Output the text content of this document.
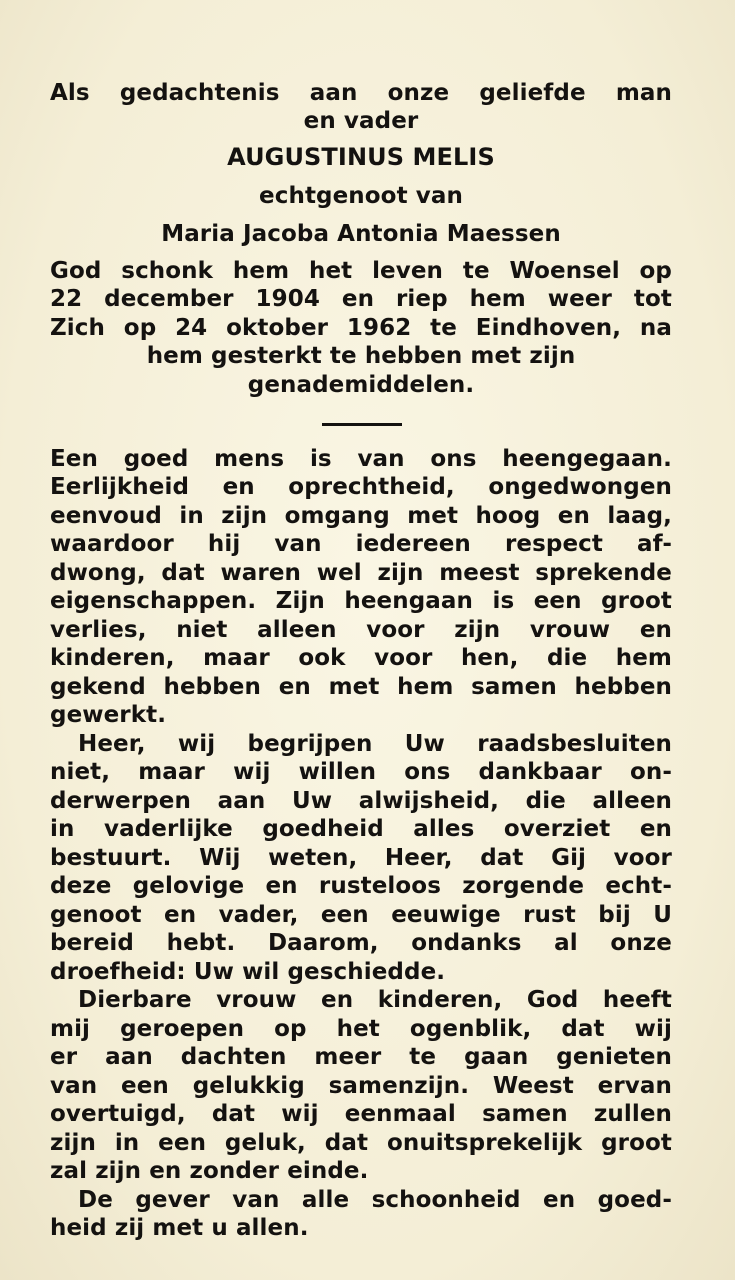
Als gedachtenis aan onze geliefde man
en vader
AUGUSTINUS MELIS
echtgenoot van
Maria Jacoba Antonia Maessen
God schonk hem het leven te Woensel op
22 december 1904 en riep hem weer tot
Zich op 24 oktober 1962 te Eindhoven, na
hem gesterkt te hebben met zijn
genademiddelen.
Een goed mens is van ons heengegaan.
Eerlijkheid en oprechtheid, ongedwongen
eenvoud in zijn omgang met hoog en laag,
waardoor hij van iedereen respect af-
dwong, dat waren wel zijn meest sprekende
eigenschappen. Zijn heengaan is een groot
verlies, niet alleen voor zijn vrouw en
kinderen, maar ook voor hen, die hem
gekend hebben en met hem samen hebben
gewerkt.
Heer, wij begrijpen Uw raadsbesluiten
niet, maar wij willen ons dankbaar on-
derwerpen aan Uw alwijsheid, die alleen
in vaderlijke goedheid alles overziet en
bestuurt. Wij weten, Heer, dat Gij voor
deze gelovige en rusteloos zorgende echt-
genoot en vader, een eeuwige rust bij U
bereid hebt. Daarom, ondanks al onze
droefheid: Uw wil geschiedde.
Dierbare vrouw en kinderen, God heeft
mij geroepen op het ogenblik, dat wij
er aan dachten meer te gaan genieten
van een gelukkig samenzijn. Weest ervan
overtuigd, dat wij eenmaal samen zullen
zijn in een geluk, dat onuitsprekelijk groot
zal zijn en zonder einde.
De gever van alle schoonheid en goed-
heid zij met u allen.
